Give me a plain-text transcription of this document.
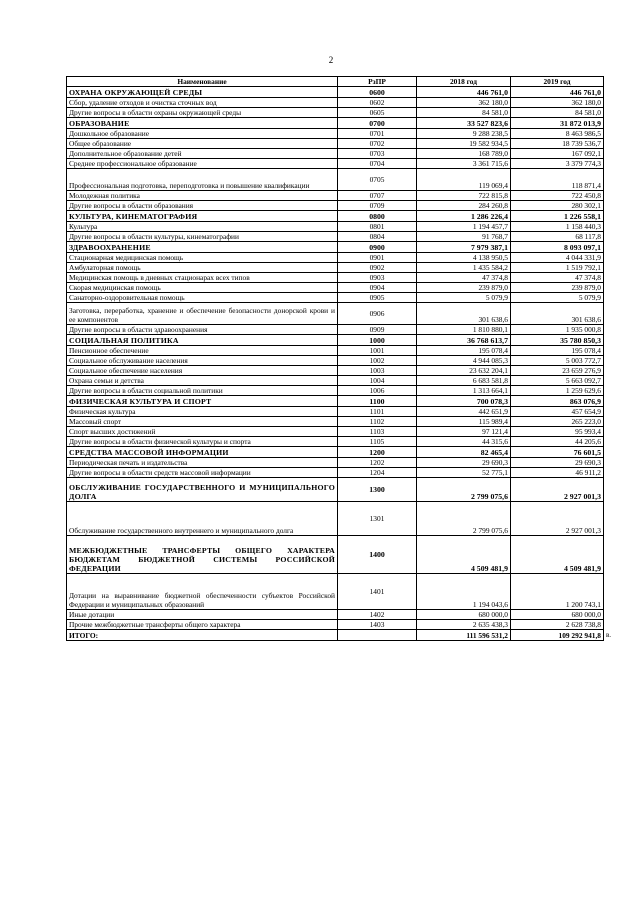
2
Наименование	РзПР	2018 год	2019 год
ОХРАНА ОКРУЖАЮЩЕЙ СРЕДЫ	0600	446 761,0	446 761,0
Сбор, удаление отходов и очистка сточных вод	0602	362 180,0	362 180,0
Другие вопросы в области охраны окружающей среды	0605	84 581,0	84 581,0
ОБРАЗОВАНИЕ	0700	33 527 823,6	31 872 013,9
Дошкольное образование	0701	9 288 238,5	8 463 986,5
Общее образование	0702	19 582 934,5	18 739 536,7
Дополнительное образование детей	0703	168 789,0	167 092,1
Среднее профессиональное образование	0704	3 361 715,6	3 379 774,3
Профессиональная подготовка, переподготовка и повышение квалификации	0705	119 069,4	118 871,4
Молодежная политика	0707	722 815,8	722 450,8
Другие вопросы в области образования	0709	284 260,8	280 302,1
КУЛЬТУРА, КИНЕМАТОГРАФИЯ	0800	1 286 226,4	1 226 558,1
Культура	0801	1 194 457,7	1 158 440,3
Другие вопросы в области культуры, кинематографии	0804	91 768,7	68 117,8
ЗДРАВООХРАНЕНИЕ	0900	7 979 387,1	8 093 097,1
Стационарная медицинская помощь	0901	4 138 950,5	4 044 331,9
Амбулаторная помощь	0902	1 435 584,2	1 519 792,1
Медицинская помощь в дневных стационарах всех типов	0903	47 374,8	47 374,8
Скорая медицинская помощь	0904	239 879,0	239 879,0
Санаторно-оздоровительная помощь	0905	5 079,9	5 079,9
Заготовка, переработка, хранение и обеспечение безопасности донорской крови и ее компонентов	0906	301 638,6	301 638,6
Другие вопросы в области здравоохранения	0909	1 810 880,1	1 935 000,8
СОЦИАЛЬНАЯ ПОЛИТИКА	1000	36 768 613,7	35 780 850,3
Пенсионное обеспечение	1001	195 078,4	195 078,4
Социальное обслуживание населения	1002	4 944 085,3	5 003 772,7
Социальное обеспечение населения	1003	23 632 204,1	23 659 276,9
Охрана семьи и детства	1004	6 683 581,8	5 663 092,7
Другие вопросы в области социальной политики	1006	1 313 664,1	1 259 629,6
ФИЗИЧЕСКАЯ КУЛЬТУРА И СПОРТ	1100	700 078,3	863 076,9
Физическая культура	1101	442 651,9	457 654,9
Массовый спорт	1102	115 989,4	265 223,0
Спорт высших достижений	1103	97 121,4	95 993,4
Другие вопросы в области физической культуры и спорта	1105	44 315,6	44 205,6
СРЕДСТВА МАССОВОЙ ИНФОРМАЦИИ	1200	82 465,4	76 601,5
Периодическая печать и издательства	1202	29 690,3	29 690,3
Другие вопросы в области средств массовой информации	1204	52 775,1	46 911,2
ОБСЛУЖИВАНИЕ ГОСУДАРСТВЕННОГО И МУНИЦИПАЛЬНОГО ДОЛГА	1300	2 799 075,6	2 927 001,3
Обслуживание государственного внутреннего и муниципального долга	1301	2 799 075,6	2 927 001,3
МЕЖБЮДЖЕТНЫЕ ТРАНСФЕРТЫ ОБЩЕГО ХАРАКТЕРА БЮДЖЕТАМ БЮДЖЕТНОЙ СИСТЕМЫ РОССИЙСКОЙ ФЕДЕРАЦИИ	1400	4 509 481,9	4 509 481,9
Дотации на выравнивание бюджетной обеспеченности субъектов Российской Федерации и муниципальных образований	1401	1 194 043,6	1 200 743,1
Иные дотации	1402	680 000,0	680 000,0
Прочие межбюджетные трансферты общего характера	1403	2 635 438,3	2 628 738,8
ИТОГО:		111 596 531,2	109 292 941,8 в.
